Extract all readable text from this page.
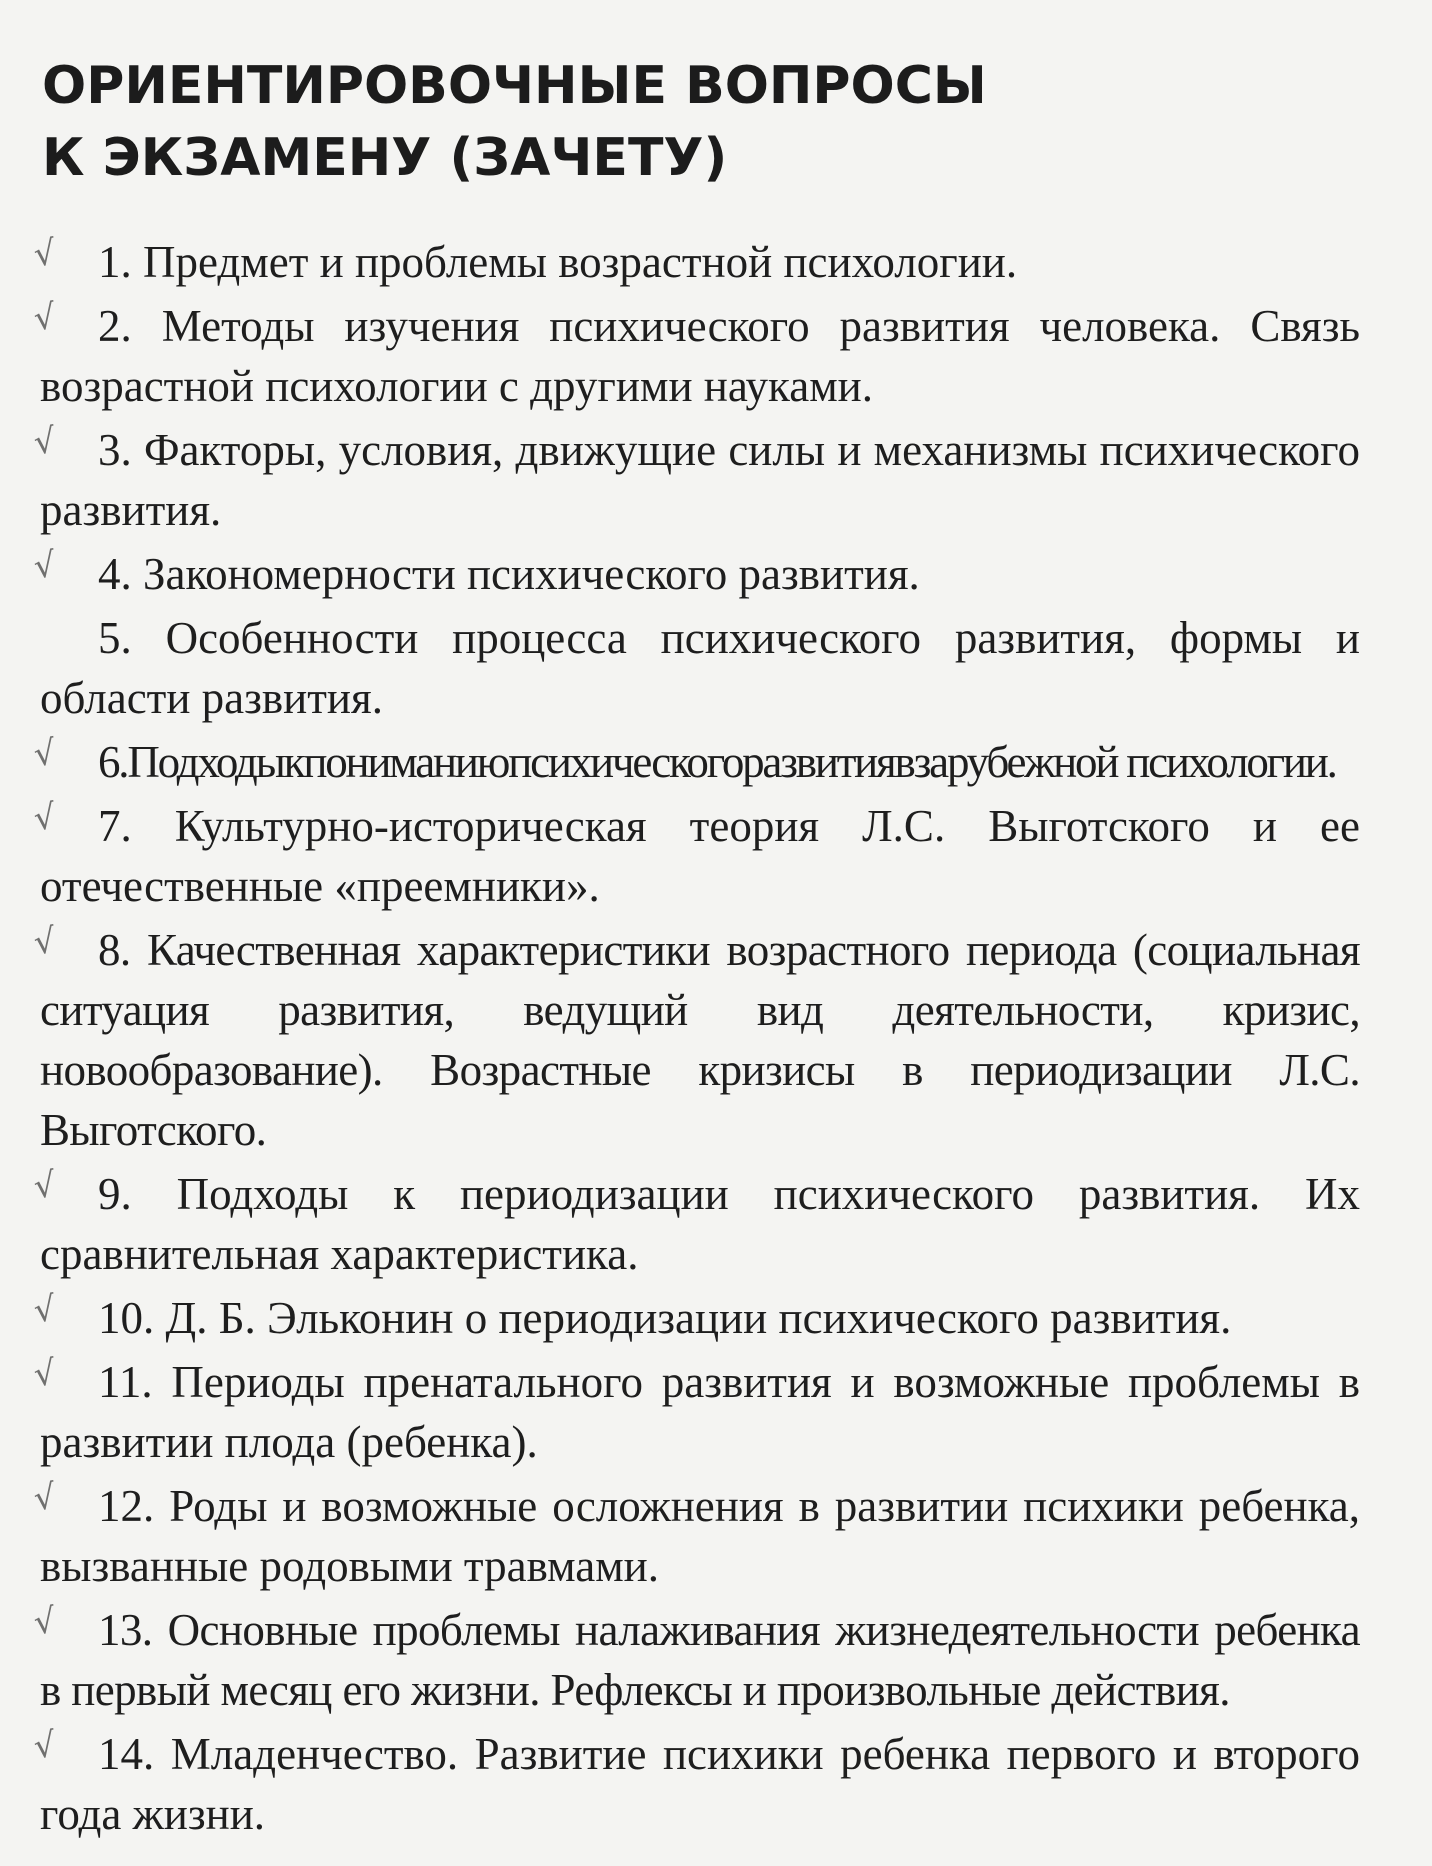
ОРИЕНТИРОВОЧНЫЕ ВОПРОСЫ
К ЭКЗАМЕНУ (ЗАЧЕТУ)
√ 1. Предмет и проблемы возрастной психологии.
√ 2. Методы изучения психического развития человека. Связь возрастной психологии с другими науками.
√ 3. Факторы, условия, движущие силы и механизмы психического развития.
√ 4. Закономерности психического развития.
5. Особенности процесса психического развития, формы и области развития.
√ 6.Подходыкпониманиюпсихическогоразвитиявзарубежной психологии.
√ 7. Культурно-историческая теория Л.С. Выготского и ее отечественные «преемники».
√ 8. Качественная характеристики возрастного периода (социальная ситуация развития, ведущий вид деятельности, кризис, новообразование). Возрастные кризисы в периодизации Л.С. Выготского.
√ 9. Подходы к периодизации психического развития. Их сравнительная характеристика.
√ 10. Д. Б. Эльконин о периодизации психического развития.
√ 11. Периоды пренатального развития и возможные проблемы в развитии плода (ребенка).
√ 12. Роды и возможные осложнения в развитии психики ребенка, вызванные родовыми травмами.
√ 13. Основные проблемы налаживания жизнедеятельности ребенка в первый месяц его жизни. Рефлексы и произвольные действия.
√ 14. Младенчество. Развитие психики ребенка первого и второго года жизни.
